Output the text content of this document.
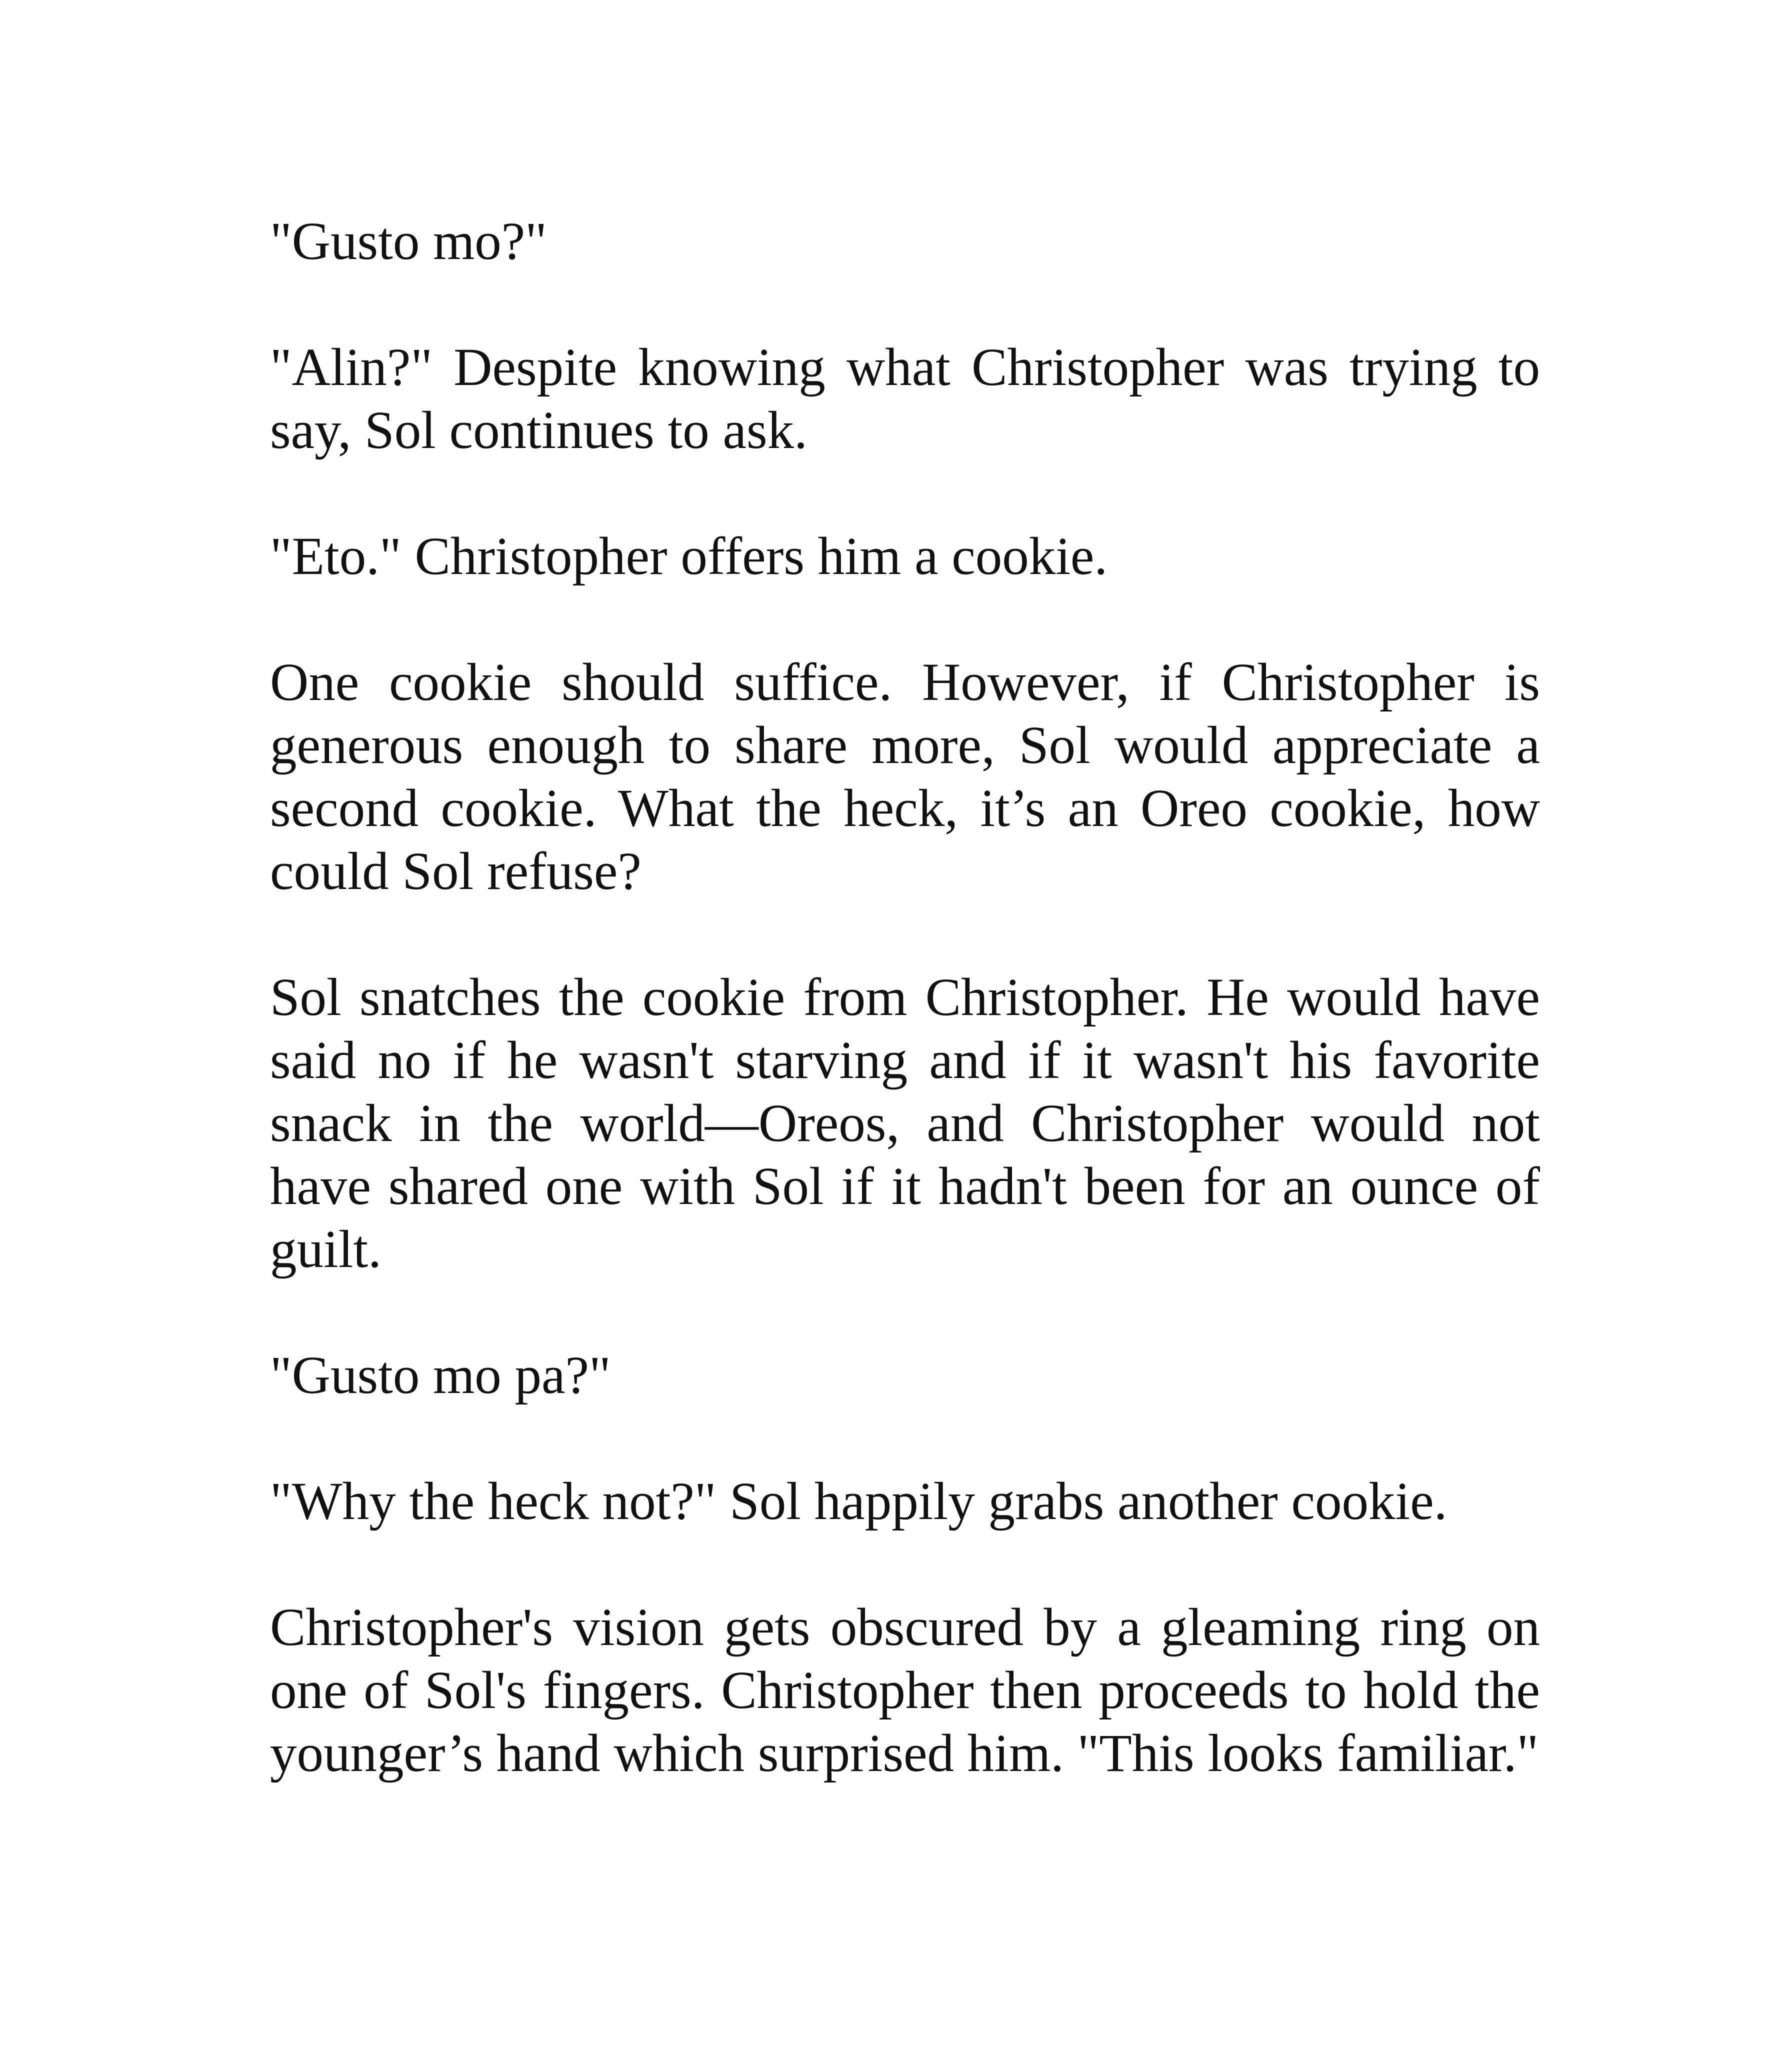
"Gusto mo?"

"Alin?" Despite knowing what Christopher was trying to say, Sol continues to ask.

"Eto." Christopher offers him a cookie.

One cookie should suffice. However, if Christopher is generous enough to share more, Sol would appreciate a second cookie. What the heck, it’s an Oreo cookie, how could Sol refuse?

Sol snatches the cookie from Christopher. He would have said no if he wasn't starving and if it wasn't his favorite snack in the world—Oreos, and Christopher would not have shared one with Sol if it hadn't been for an ounce of guilt.

"Gusto mo pa?"

"Why the heck not?" Sol happily grabs another cookie.

Christopher's vision gets obscured by a gleaming ring on one of Sol's fingers. Christopher then proceeds to hold the younger’s hand which surprised him. "This looks familiar."
